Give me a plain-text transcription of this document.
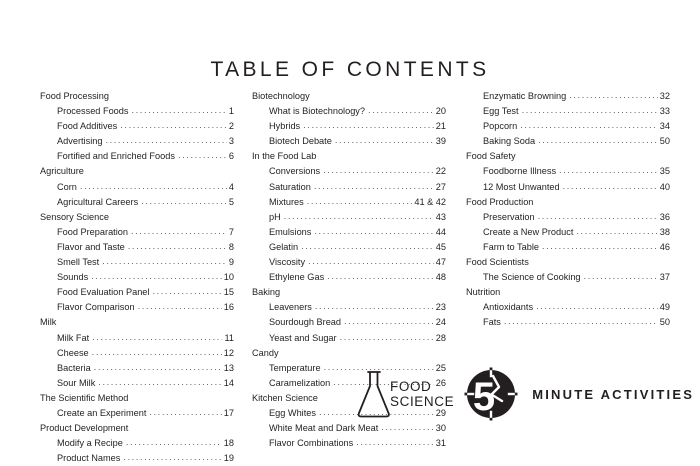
TABLE OF CONTENTS
Food Processing
Processed Foods .....	1
Food Additives .....	2
Advertising .....	3
Fortified and Enriched Foods .....	6
Agriculture
Corn .....	4
Agricultural Careers .....	5
Sensory Science
Food Preparation .....	7
Flavor and Taste .....	8
Smell Test .....	9
Sounds .....	10
Food Evaluation Panel .....	15
Flavor Comparison .....	16
Milk
Milk Fat .....	11
Cheese .....	12
Bacteria .....	13
Sour Milk .....	14
The Scientific Method
Create an Experiment .....	17
Product Development
Modify a Recipe .....	18
Product Names .....	19
Biotechnology
What is Biotechnology? .....	20
Hybrids .....	21
Biotech Debate .....	39
In the Food Lab
Conversions .....	22
Saturation .....	27
Mixtures .....	41 & 42
pH .....	43
Emulsions .....	44
Gelatin .....	45
Viscosity .....	47
Ethylene Gas .....	48
Baking
Leaveners .....	23
Sourdough Bread .....	24
Yeast and Sugar .....	28
Candy
Temperature .....	25
Caramelization .....	26
Kitchen Science
Egg Whites .....	29
White Meat and Dark Meat .....	30
Flavor Combinations .....	31
Enzymatic Browning .....	32
Egg Test .....	33
Popcorn .....	34
Baking Soda .....	50
Food Safety
Foodborne Illness .....	35
12 Most Unwanted .....	40
Food Production
Preservation .....	36
Create a New Product .....	38
Farm to Table .....	46
Food Scientists
The Science of Cooking .....	37
Nutrition
Antioxidants .....	49
Fats .....	50
FOOD
SCIENCE 5	MINUTE ACTIVITIES
